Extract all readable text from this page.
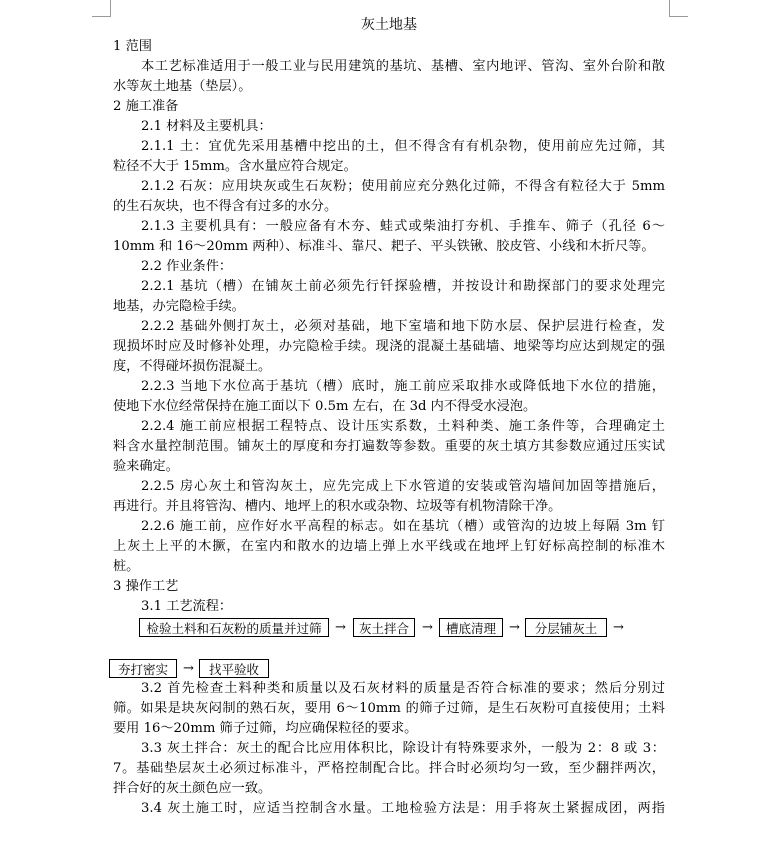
灰土地基
1 范围
本工艺标准适用于一般工业与民用建筑的基坑、基槽、室内地评、管沟、室外台阶和散
水等灰土地基（垫层）。
2 施工准备
2.1 材料及主要机具：
2.1.1 土：宜优先采用基槽中挖出的土，但不得含有有机杂物，使用前应先过筛，其
粒径不大于 15mm。含水量应符合规定。
2.1.2 石灰：应用块灰或生石灰粉；使用前应充分熟化过筛，不得含有粒径大于 5mm
的生石灰块，也不得含有过多的水分。
2.1.3 主要机具有：一般应备有木夯、蛙式或柴油打夯机、手推车、筛子（孔径 6～
10mm 和 16～20mm 两种）、标准斗、靠尺、耙子、平头铁锹、胶皮管、小线和木折尺等。
2.2 作业条件：
2.2.1 基坑（槽）在铺灰土前必须先行钎探验槽，并按设计和勘探部门的要求处理完
地基，办完隐检手续。
2.2.2 基础外侧打灰土，必须对基础，地下室墙和地下防水层、保护层进行检查，发
现损坏时应及时修补处理，办完隐检手续。现浇的混凝土基础墙、地梁等均应达到规定的强
度，不得碰坏损伤混凝土。
2.2.3 当地下水位高于基坑（槽）底时，施工前应采取排水或降低地下水位的措施，
使地下水位经常保持在施工面以下 0.5m 左右，在 3d 内不得受水浸泡。
2.2.4 施工前应根据工程特点、设计压实系数，土料种类、施工条件等，合理确定土
料含水量控制范围。铺灰土的厚度和夯打遍数等参数。重要的灰土填方其参数应通过压实试
验来确定。
2.2.5 房心灰土和管沟灰土，应先完成上下水管道的安装或管沟墙间加固等措施后，
再进行。并且将管沟、槽内、地坪上的积水或杂物、垃圾等有机物清除干净。
2.2.6 施工前，应作好水平高程的标志。如在基坑（槽）或管沟的边坡上每隔 3m 钉
上灰土上平的木撅，在室内和散水的边墙上弹上水平线或在地坪上钉好标高控制的标准木
桩。
3 操作工艺
3.1 工艺流程：
检验土料和石灰粉的质量并过筛	→	灰土拌合	→	槽底清理	→	分层铺灰土	→
夯打密实	→	找平验收
3.2 首先检查土料种类和质量以及石灰材料的质量是否符合标准的要求；然后分别过
筛。如果是块灰闷制的熟石灰，要用 6～10mm 的筛子过筛，是生石灰粉可直接使用；土料
要用 16～20mm 筛子过筛，均应确保粒径的要求。
3.3 灰土拌合：灰土的配合比应用体积比，除设计有特殊要求外，一般为 2：8 或 3：
7。基础垫层灰土必须过标准斗，严格控制配合比。拌合时必须均匀一致，至少翻拌两次，
拌合好的灰土颜色应一致。
3.4 灰土施工时，应适当控制含水量。工地检验方法是：用手将灰土紧握成团，两指
